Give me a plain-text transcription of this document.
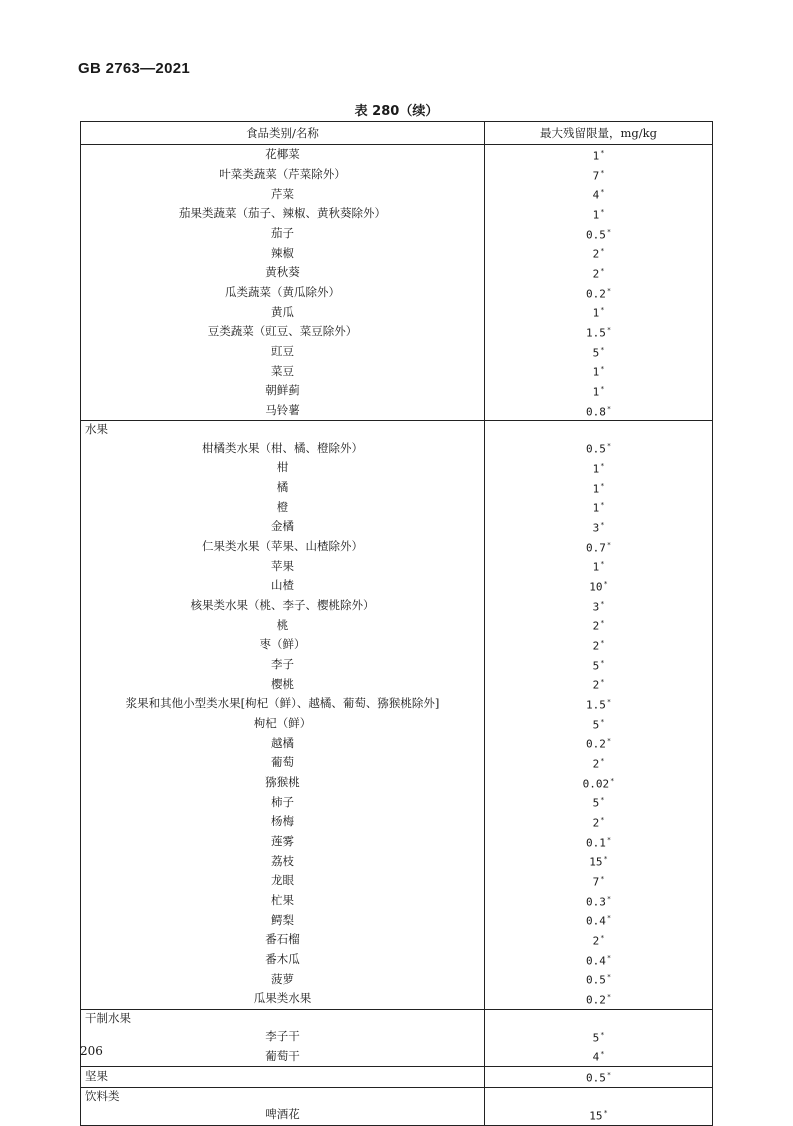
GB 2763—2021
表 280（续）
食品类别/名称	最大残留限量，mg/kg
花椰菜	1*
叶菜类蔬菜（芹菜除外）	7*
芹菜	4*
茄果类蔬菜（茄子、辣椒、黄秋葵除外）	1*
茄子	0.5*
辣椒	2*
黄秋葵	2*
瓜类蔬菜（黄瓜除外）	0.2*
黄瓜	1*
豆类蔬菜（豇豆、菜豆除外）	1.5*
豇豆	5*
菜豆	1*
朝鲜蓟	1*
马铃薯	0.8*
水果	
柑橘类水果（柑、橘、橙除外）	0.5*
柑	1*
橘	1*
橙	1*
金橘	3*
仁果类水果（苹果、山楂除外）	0.7*
苹果	1*
山楂	10*
核果类水果（桃、李子、樱桃除外）	3*
桃	2*
枣（鲜）	2*
李子	5*
樱桃	2*
浆果和其他小型类水果[枸杞（鲜）、越橘、葡萄、猕猴桃除外]	1.5*
枸杞（鲜）	5*
越橘	0.2*
葡萄	2*
猕猴桃	0.02*
柿子	5*
杨梅	2*
莲雾	0.1*
荔枝	15*
龙眼	7*
杧果	0.3*
鳄梨	0.4*
番石榴	2*
番木瓜	0.4*
菠萝	0.5*
瓜果类水果	0.2*
干制水果	
李子干	5*
葡萄干	4*
坚果	0.5*
饮料类	
啤酒花	15*
206
